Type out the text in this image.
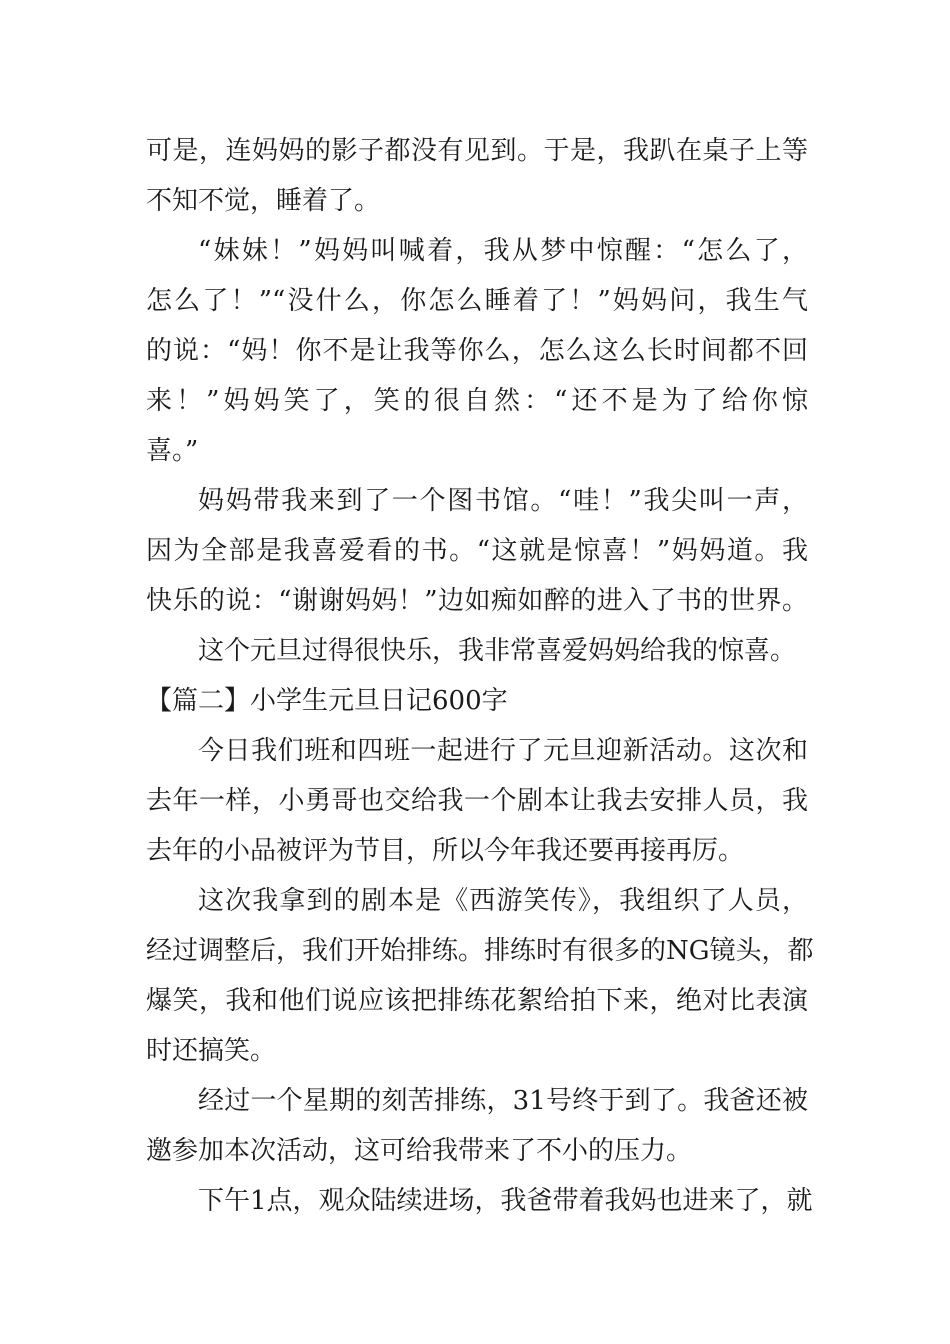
可是，连妈妈的影子都没有见到。于是，我趴在桌子上等
不知不觉，睡着了。
“妹妹！”妈妈叫喊着，我从梦中惊醒：“怎么了，
怎么了！”“没什么，你怎么睡着了！”妈妈问，我生气
的说：“妈！你不是让我等你么，怎么这么长时间都不回
来！”妈妈笑了，笑的很自然：“还不是为了给你惊
喜。”
妈妈带我来到了一个图书馆。“哇！”我尖叫一声，
因为全部是我喜爱看的书。“这就是惊喜！”妈妈道。我
快乐的说：“谢谢妈妈！”边如痴如醉的进入了书的世界。
这个元旦过得很快乐，我非常喜爱妈妈给我的惊喜。
【篇二】小学生元旦日记600字
今日我们班和四班一起进行了元旦迎新活动。这次和
去年一样，小勇哥也交给我一个剧本让我去安排人员，我
去年的小品被评为节目，所以今年我还要再接再厉。
这次我拿到的剧本是《西游笑传》，我组织了人员，
经过调整后，我们开始排练。排练时有很多的NG镜头，都
爆笑，我和他们说应该把排练花絮给拍下来，绝对比表演
时还搞笑。
经过一个星期的刻苦排练，31号终于到了。我爸还被
邀参加本次活动，这可给我带来了不小的压力。
下午1点，观众陆续进场，我爸带着我妈也进来了，就
